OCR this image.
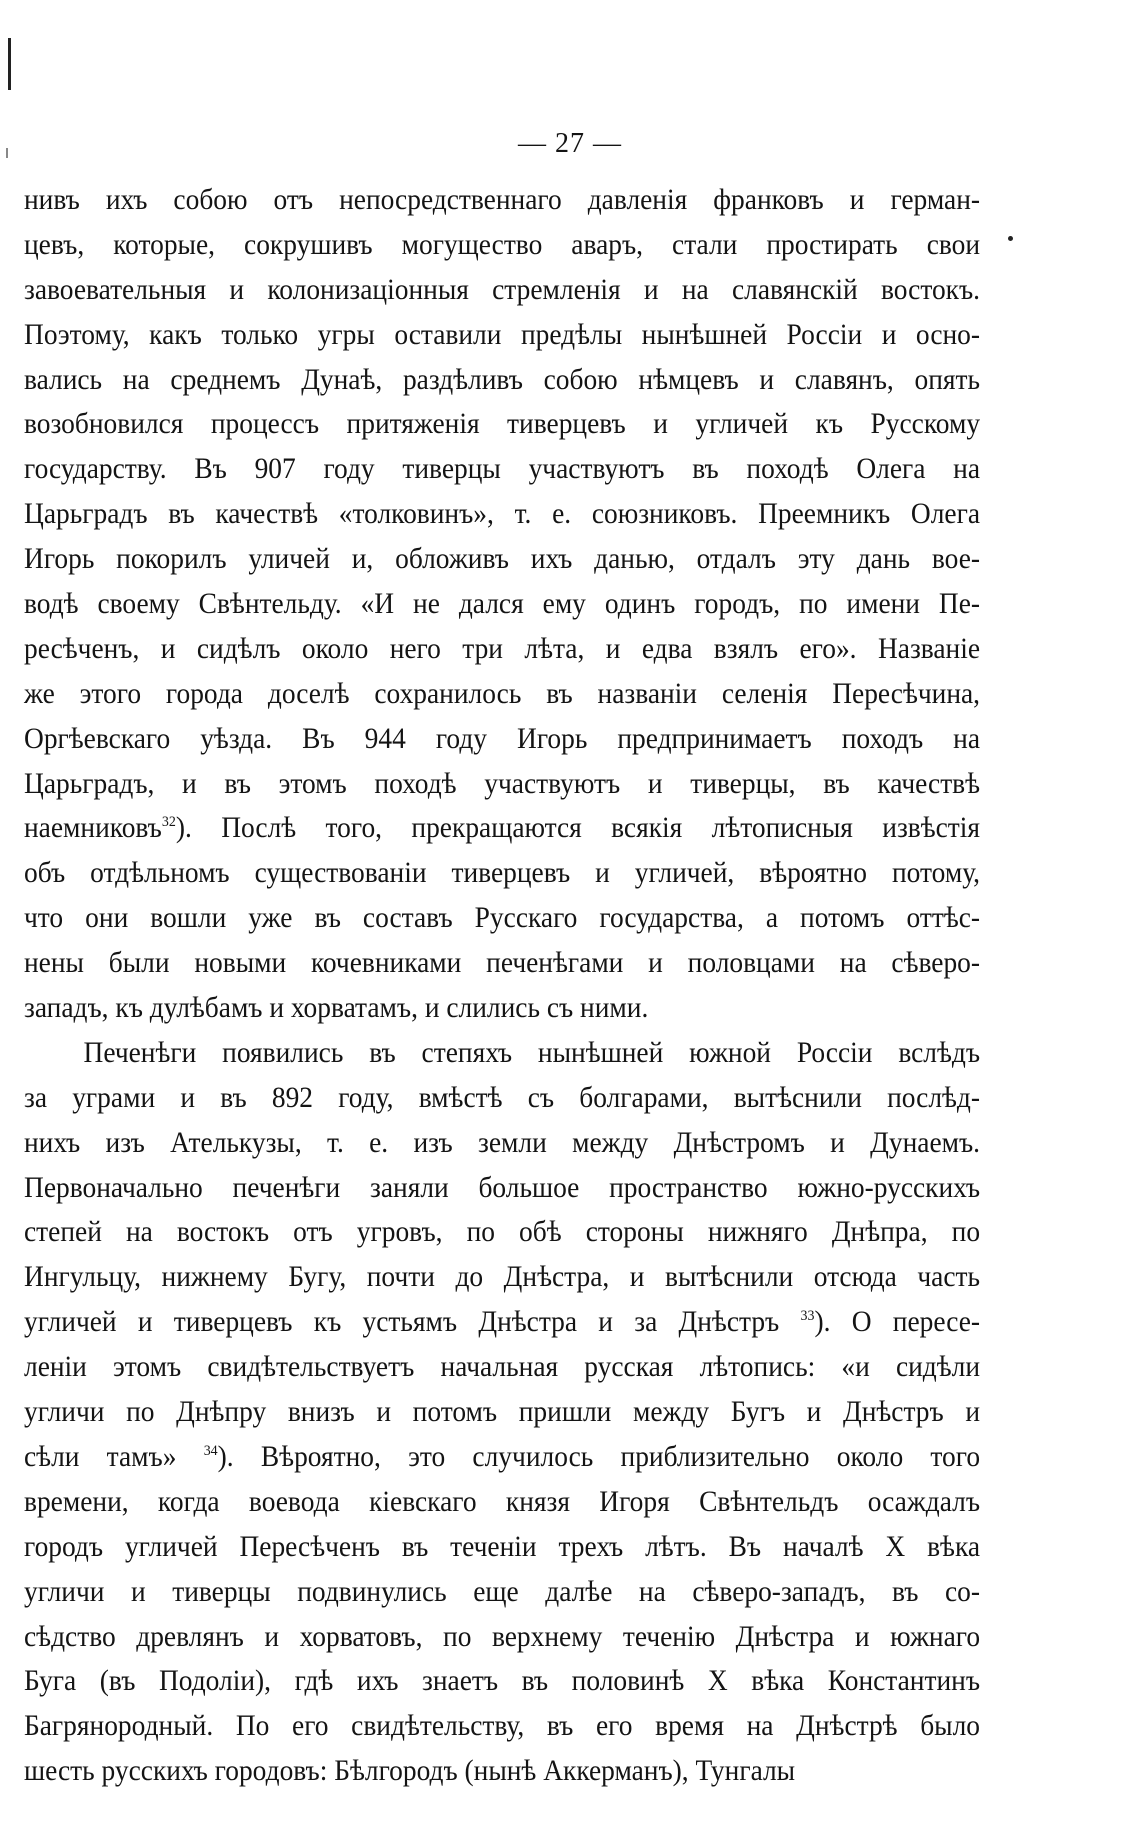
— 27 —
нивъ ихъ собою отъ непосредственнаго давленія франковъ и герман-
цевъ, которые, сокрушивъ могущество аваръ, стали простирать свои
завоевательныя и колонизаціонныя стремленія и на славянскій востокъ.
Поэтому, какъ только угры оставили предѣлы нынѣшней Россіи и осно-
вались на среднемъ Дунаѣ, раздѣливъ собою нѣмцевъ и славянъ, опять
возобновился процессъ притяженія тиверцевъ и угличей къ Русскому
государству. Въ 907 году тиверцы участвуютъ въ походѣ Олега на
Царьградъ въ качествѣ «толковинъ», т. е. союзниковъ. Преемникъ Олега
Игорь покорилъ уличей и, обложивъ ихъ данью, отдалъ эту дань вое-
водѣ своему Свѣнтельду. «И не дался ему одинъ городъ, по имени Пе-
ресѣченъ, и сидѣлъ около него три лѣта, и едва взялъ его». Названіе
же этого города доселѣ сохранилось въ названіи селенія Пересѣчина,
Оргѣевскаго уѣзда. Въ 944 году Игорь предпринимаетъ походъ на
Царьградъ, и въ этомъ походѣ участвуютъ и тиверцы, въ качествѣ
наемниковъ$^{32}$). Послѣ того, прекращаются всякія лѣтописныя извѣстія
объ отдѣльномъ существованіи тиверцевъ и угличей, вѣроятно потому,
что они вошли уже въ составъ Русскаго государства, а потомъ оттѣс-
нены были новыми кочевниками печенѣгами и половцами на сѣверо-
западъ, къ дулѣбамъ и хорватамъ, и слились съ ними.
Печенѣги появились въ степяхъ нынѣшней южной Россіи вслѣдъ
за уграми и въ 892 году, вмѣстѣ съ болгарами, вытѣснили послѣд-
нихъ изъ Ателькузы, т. е. изъ земли между Днѣстромъ и Дунаемъ.
Первоначально печенѣги заняли большое пространство южно-русскихъ
степей на востокъ отъ угровъ, по обѣ стороны нижняго Днѣпра, по
Ингульцу, нижнему Бугу, почти до Днѣстра, и вытѣснили отсюда часть
угличей и тиверцевъ къ устьямъ Днѣстра и за Днѣстръ $^{33}$). О пересе-
леніи этомъ свидѣтельствуетъ начальная русская лѣтопись: «и сидѣли
угличи по Днѣпру внизъ и потомъ пришли между Бугъ и Днѣстръ и
сѣли тамъ» $^{34}$). Вѣроятно, это случилось приблизительно около того
времени, когда воевода кіевскаго князя Игоря Свѣнтельдъ осаждалъ
городъ угличей Пересѣченъ въ теченіи трехъ лѣтъ. Въ началѣ X вѣка
угличи и тиверцы подвинулись еще далѣе на сѣверо-западъ, въ со-
сѣдство древлянъ и хорватовъ, по верхнему теченію Днѣстра и южнаго
Буга (въ Подоліи), гдѣ ихъ знаетъ въ половинѣ X вѣка Константинъ
Багрянородный. По его свидѣтельству, въ его время на Днѣстрѣ было
шесть русскихъ городовъ: Бѣлгородъ (нынѣ Аккерманъ), Тунгалы
